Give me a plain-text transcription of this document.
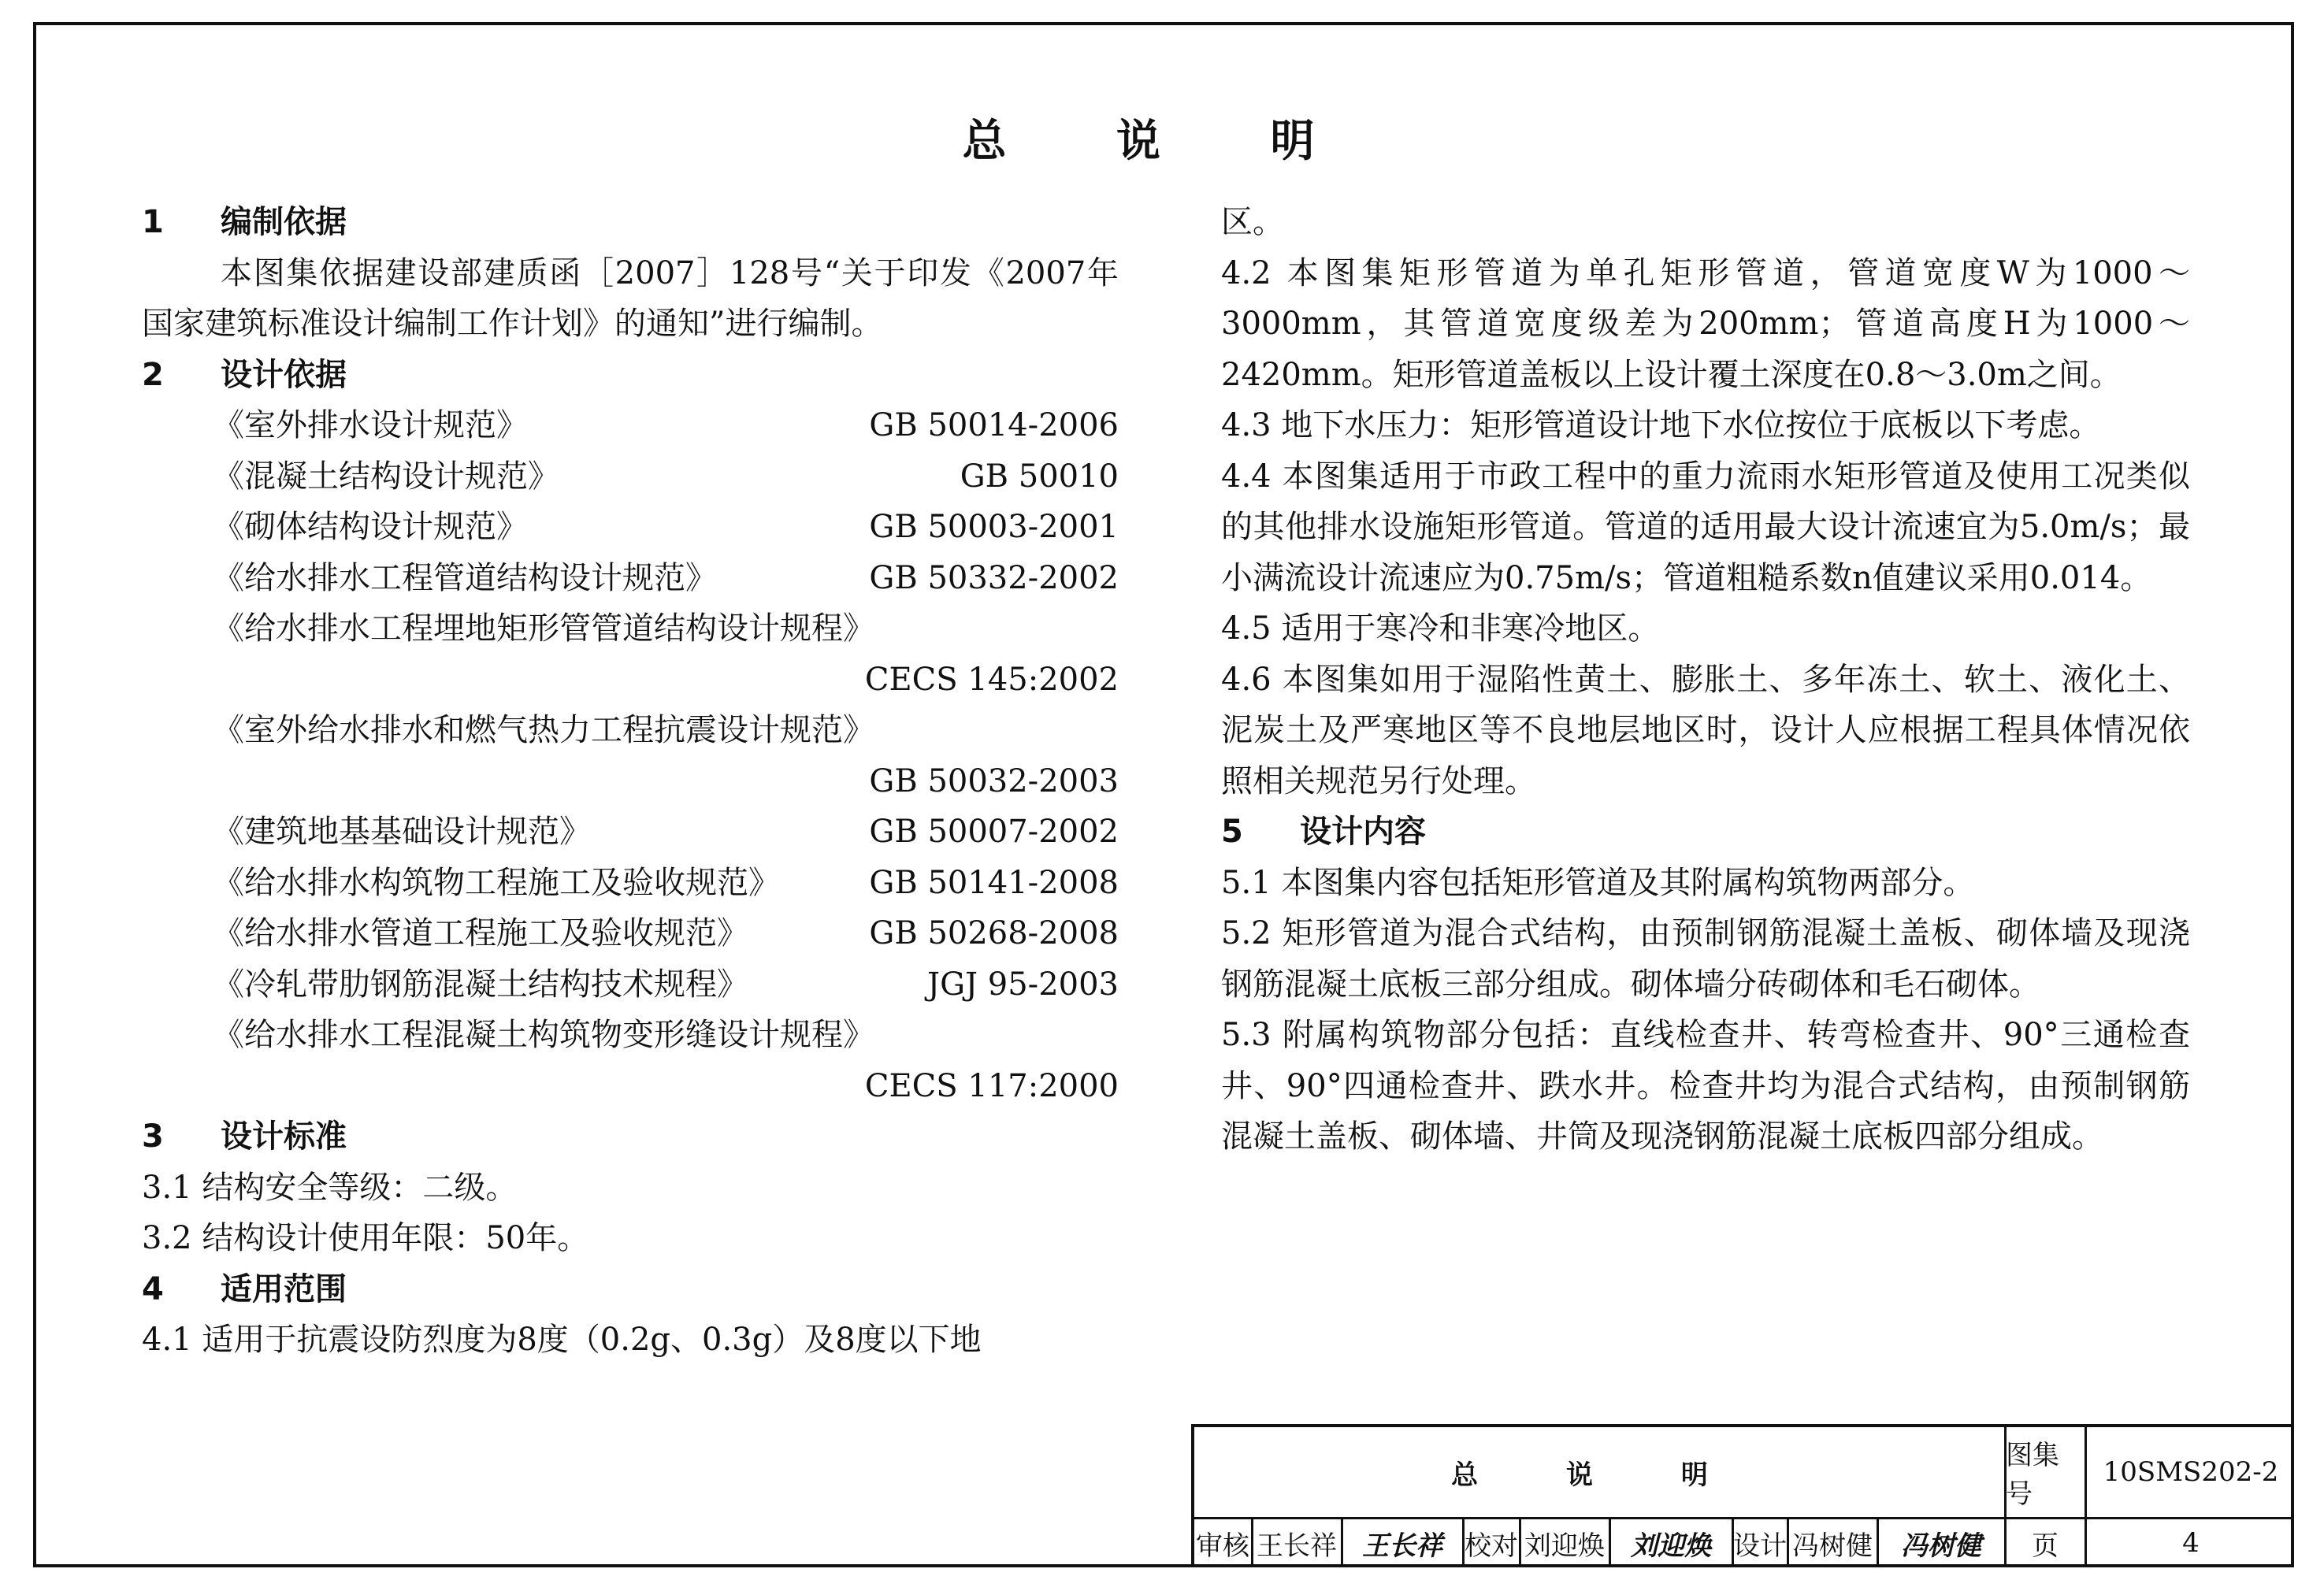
总 说 明
1 编制依据
本图集依据建设部建质函［2007］128号“关于印发《2007年国家建筑标准设计编制工作计划》的通知”进行编制。
2 设计依据
《室外排水设计规范》	GB 50014-2006
《混凝土结构设计规范》	GB 50010
《砌体结构设计规范》	GB 50003-2001
《给水排水工程管道结构设计规范》	GB 50332-2002
《给水排水工程埋地矩形管管道结构设计规程》
CECS 145:2002
《室外给水排水和燃气热力工程抗震设计规范》
GB 50032-2003
《建筑地基基础设计规范》	GB 50007-2002
《给水排水构筑物工程施工及验收规范》	GB 50141-2008
《给水排水管道工程施工及验收规范》	GB 50268-2008
《冷轧带肋钢筋混凝土结构技术规程》	JGJ 95-2003
《给水排水工程混凝土构筑物变形缝设计规程》
CECS 117:2000
3 设计标准
3.1 结构安全等级：二级。
3.2 结构设计使用年限：50年。
4 适用范围
4.1 适用于抗震设防烈度为8度（0.2g、0.3g）及8度以下地
区。
4.2 本图集矩形管道为单孔矩形管道，管道宽度W为1000～3000mm，其管道宽度级差为200mm；管道高度H为1000～2420mm。矩形管道盖板以上设计覆土深度在0.8～3.0m之间。
4.3 地下水压力：矩形管道设计地下水位按位于底板以下考虑。
4.4 本图集适用于市政工程中的重力流雨水矩形管道及使用工况类似的其他排水设施矩形管道。管道的适用最大设计流速宜为5.0m/s；最小满流设计流速应为0.75m/s；管道粗糙系数n值建议采用0.014。
4.5 适用于寒冷和非寒冷地区。
4.6 本图集如用于湿陷性黄土、膨胀土、多年冻土、软土、液化土、泥炭土及严寒地区等不良地层地区时，设计人应根据工程具体情况依照相关规范另行处理。
5 设计内容
5.1 本图集内容包括矩形管道及其附属构筑物两部分。
5.2 矩形管道为混合式结构，由预制钢筋混凝土盖板、砌体墙及现浇钢筋混凝土底板三部分组成。砌体墙分砖砌体和毛石砌体。
5.3 附属构筑物部分包括：直线检查井、转弯检查井、90°三通检查井、90°四通检查井、跌水井。检查井均为混合式结构，由预制钢筋混凝土盖板、砌体墙、井筒及现浇钢筋混凝土底板四部分组成。
总 说 明
图集号
10SMS202-2
审核 王长祥 王长祥 校对 刘迎焕 刘迎焕 设计 冯树健	冯树健	页	4
